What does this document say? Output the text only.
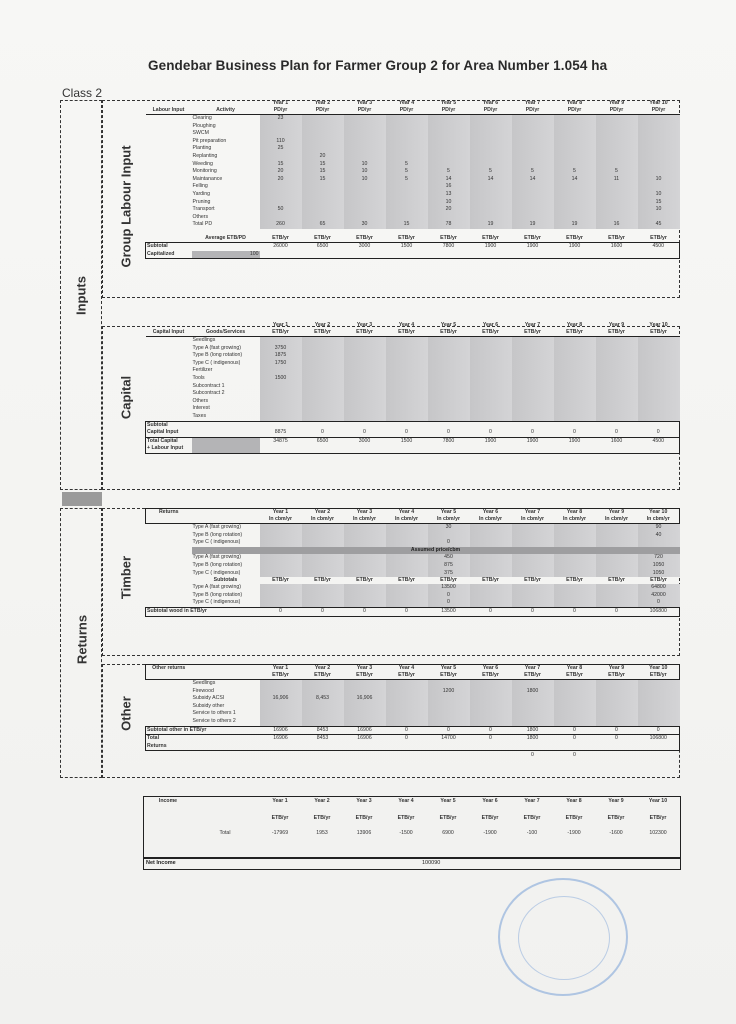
Gendebar Business Plan for Farmer Group 2 for Area Number 1.054 ha
Class 2
Inputs
Returns
Group Labour Input
Capital
Timber
Other
		Year 1	Year 2	Year 3	Year 4	Year 5	Year 6	Year 7	Year 8	Year 9	Year 10
Labour Input	Activity	PD/yr	PD/yr	PD/yr	PD/yr	PD/yr	PD/yr	PD/yr	PD/yr	PD/yr	PD/yr
	Clearing	23									
	Ploughing										
	SWCM										
	Pit preparation	110									
	Planting	25									
	Replanting		20								
	Weeding	15	15	10	5						
	Monitoring	20	15	10	5	5	5	5	5	5	
	Maintanance	20	15	10	5	14	14	14	14	11	10
	Felling					16					
	Yarding					13					10
	Pruning					10					15
	Transport	50				20					10
	Others										
	Total PD	260	65	30	15	78	19	19	19	16	45

	Average ETB/PD	ETB/yr	ETB/yr	ETB/yr	ETB/yr	ETB/yr	ETB/yr	ETB/yr	ETB/yr	ETB/yr	ETB/yr
Subtotal		26000	6500	3000	1500	7800	1900	1900	1900	1600	4500
Capitalized	100										
		Year 1	Year 2	Year 3	Year 4	Year 5	Year 6	Year 7	Year 8	Year 9	Year 10
Capital Input	Goods/Services	ETB/yr	ETB/yr	ETB/yr	ETB/yr	ETB/yr	ETB/yr	ETB/yr	ETB/yr	ETB/yr	ETB/yr
	Seedlings										
	Type A (fast growing)	3750									
	Type B (long rotation)	1875									
	Type C ( indigenous)	1750									
	Fertilizer										
	Tools	1500									
	Subcontract 1										
	Subcontract 2										
	Others										
	Interest										
	Taxes										
Subtotal											
Capital Input		8875	0	0	0	0	0	0	0	0	0
Total Capital		34875	6500	3000	1500	7800	1900	1900	1900	1600	4500
+ Labour Input											
Returns		Year 1	Year 2	Year 3	Year 4	Year 5	Year 6	Year 7	Year 8	Year 9	Year 10
		In cbm/yr	In cbm/yr	In cbm/yr	In cbm/yr	In cbm/yr	In cbm/yr	In cbm/yr	In cbm/yr	In cbm/yr	In cbm/yr
	Type A (fast growing)					30					90
	Type B (long rotation)										40
	Type C ( indigenous)					0					
	Assumed price/cbm										
	Type A (fast growing)					450					720
	Type B (long rotation)					875					1050
	Type C ( indigenous)					375					1050
	Subtotals	ETB/yr	ETB/yr	ETB/yr	ETB/yr	ETB/yr	ETB/yr	ETB/yr	ETB/yr	ETB/yr	ETB/yr
	Type A (fast growing)					13500					64800
	Type B (long rotation)					0					42000
	Type C ( indigenous)					0					0
Subtotal wood in ETB/yr		0	0	0	0	13500	0	0	0	0	106800
Other returns		Year 1	Year 2	Year 3	Year 4	Year 5	Year 6	Year 7	Year 8	Year 9	Year 10
		ETB/yr	ETB/yr	ETB/yr	ETB/yr	ETB/yr	ETB/yr	ETB/yr	ETB/yr	ETB/yr	ETB/yr
	Seedlings										
	Firewood					1200		1800			
	Subsidy ACSI	16,906	8,453	16,906							
	Subsidy other										
	Service to others 1										
	Service to others 2										
Subtotal other in ETB/yr		16906	8453	16906	0	0	0	1800	0	0	0
Total		16906	8453	16906	0	14700	0	1800	0	0	106800
Returns											
								0	0		
Income		Year 1	Year 2	Year 3	Year 4	Year 5	Year 6	Year 7	Year 8	Year 9	Year 10

		ETB/yr	ETB/yr	ETB/yr	ETB/yr	ETB/yr	ETB/yr	ETB/yr	ETB/yr	ETB/yr	ETB/yr

	Total	-17969	1953	13906	-1500	6900	-1900	-100	-1900	-1600	102300
Net Income	100090
